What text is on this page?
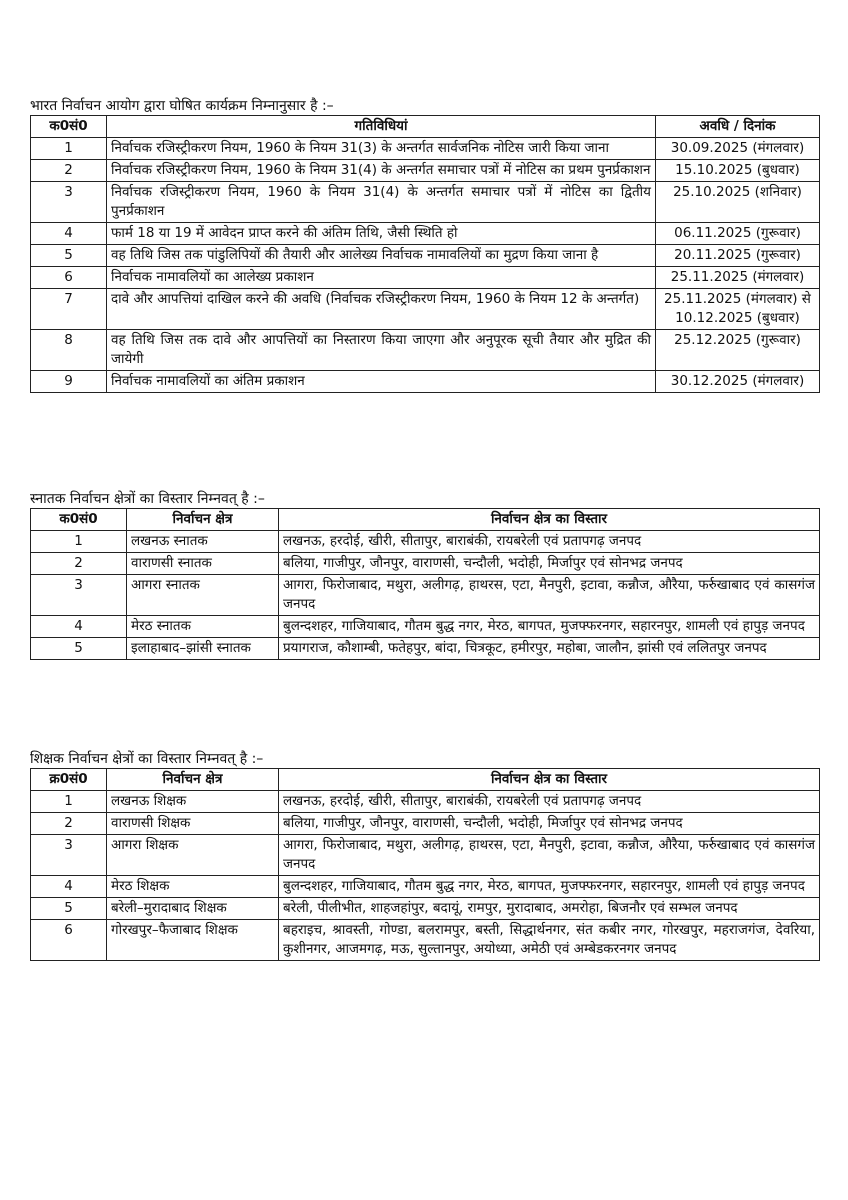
भारत निर्वाचन आयोग द्वारा घोषित कार्यक्रम निम्नानुसार है :–

क0सं0	गतिविधियां	अवधि / दिनांक
1	निर्वाचक रजिस्ट्रीकरण नियम, 1960 के नियम 31(3) के अन्तर्गत सार्वजनिक नोटिस जारी किया जाना	30.09.2025 (मंगलवार)
2	निर्वाचक रजिस्ट्रीकरण नियम, 1960 के नियम 31(4) के अन्तर्गत समाचार पत्रों में नोटिस का प्रथम पुनर्प्रकाशन	15.10.2025 (बुधवार)
3	निर्वाचक रजिस्ट्रीकरण नियम, 1960 के नियम 31(4) के अन्तर्गत समाचार पत्रों में नोटिस का द्वितीय पुनर्प्रकाशन	25.10.2025 (शनिवार)
4	फार्म 18 या 19 में आवेदन प्राप्त करने की अंतिम तिथि, जैसी स्थिति हो	06.11.2025 (गुरूवार)
5	वह तिथि जिस तक पांडुलिपियों की तैयारी और आलेख्य निर्वाचक नामावलियों का मुद्रण किया जाना है	20.11.2025 (गुरूवार)
6	निर्वाचक नामावलियों का आलेख्य प्रकाशन	25.11.2025 (मंगलवार)
7	दावे और आपत्तियां दाखिल करने की अवधि (निर्वाचक रजिस्ट्रीकरण नियम, 1960 के नियम 12 के अन्तर्गत)	25.11.2025 (मंगलवार) से
10.12.2025 (बुधवार)

8	वह तिथि जिस तक दावे और आपत्तियों का निस्तारण किया जाएगा और अनुपूरक सूची तैयार और मुद्रित की जायेगी	25.12.2025 (गुरूवार)
9	निर्वाचक नामावलियों का अंतिम प्रकाशन	30.12.2025 (मंगलवार)

स्नातक निर्वाचन क्षेत्रों का विस्तार निम्नवत् है :–

क0सं0	निर्वाचन क्षेत्र	निर्वाचन क्षेत्र का विस्तार
1	लखनऊ स्नातक	लखनऊ, हरदोई, खीरी, सीतापुर, बाराबंकी, रायबरेली एवं प्रतापगढ़ जनपद
2	वाराणसी स्नातक	बलिया, गाजीपुर, जौनपुर, वाराणसी, चन्दौली, भदोही, मिर्जापुर एवं सोनभद्र जनपद
3	आगरा स्नातक	आगरा, फिरोजाबाद, मथुरा, अलीगढ़, हाथरस, एटा, मैनपुरी, इटावा, कन्नौज, औरैया, फर्रुखाबाद एवं कासगंज जनपद
4	मेरठ स्नातक	बुलन्दशहर, गाजियाबाद, गौतम बुद्ध नगर, मेरठ, बागपत, मुजफ्फरनगर, सहारनपुर, शामली एवं हापुड़ जनपद
5	इलाहाबाद–झांसी स्नातक	प्रयागराज, कौशाम्बी, फतेहपुर, बांदा, चित्रकूट, हमीरपुर, महोबा, जालौन, झांसी एवं ललितपुर जनपद

शिक्षक निर्वाचन क्षेत्रों का विस्तार निम्नवत् है :–

क्र0सं0	निर्वाचन क्षेत्र	निर्वाचन क्षेत्र का विस्तार
1	लखनऊ शिक्षक	लखनऊ, हरदोई, खीरी, सीतापुर, बाराबंकी, रायबरेली एवं प्रतापगढ़ जनपद
2	वाराणसी शिक्षक	बलिया, गाजीपुर, जौनपुर, वाराणसी, चन्दौली, भदोही, मिर्जापुर एवं सोनभद्र जनपद
3	आगरा शिक्षक	आगरा, फिरोजाबाद, मथुरा, अलीगढ़, हाथरस, एटा, मैनपुरी, इटावा, कन्नौज, औरैया, फर्रुखाबाद एवं कासगंज जनपद
4	मेरठ शिक्षक	बुलन्दशहर, गाजियाबाद, गौतम बुद्ध नगर, मेरठ, बागपत, मुजफ्फरनगर, सहारनपुर, शामली एवं हापुड़ जनपद
5	बरेली–मुरादाबाद शिक्षक	बरेली, पीलीभीत, शाहजहांपुर, बदायूं, रामपुर, मुरादाबाद, अमरोहा, बिजनौर एवं सम्भल जनपद
6	गोरखपुर–फैजाबाद शिक्षक	बहराइच, श्रावस्ती, गोण्डा, बलरामपुर, बस्ती, सिद्धार्थनगर, संत कबीर नगर, गोरखपुर, महराजगंज, देवरिया, कुशीनगर, आजमगढ़, मऊ, सुल्तानपुर, अयोध्या, अमेठी एवं अम्बेडकरनगर जनपद
